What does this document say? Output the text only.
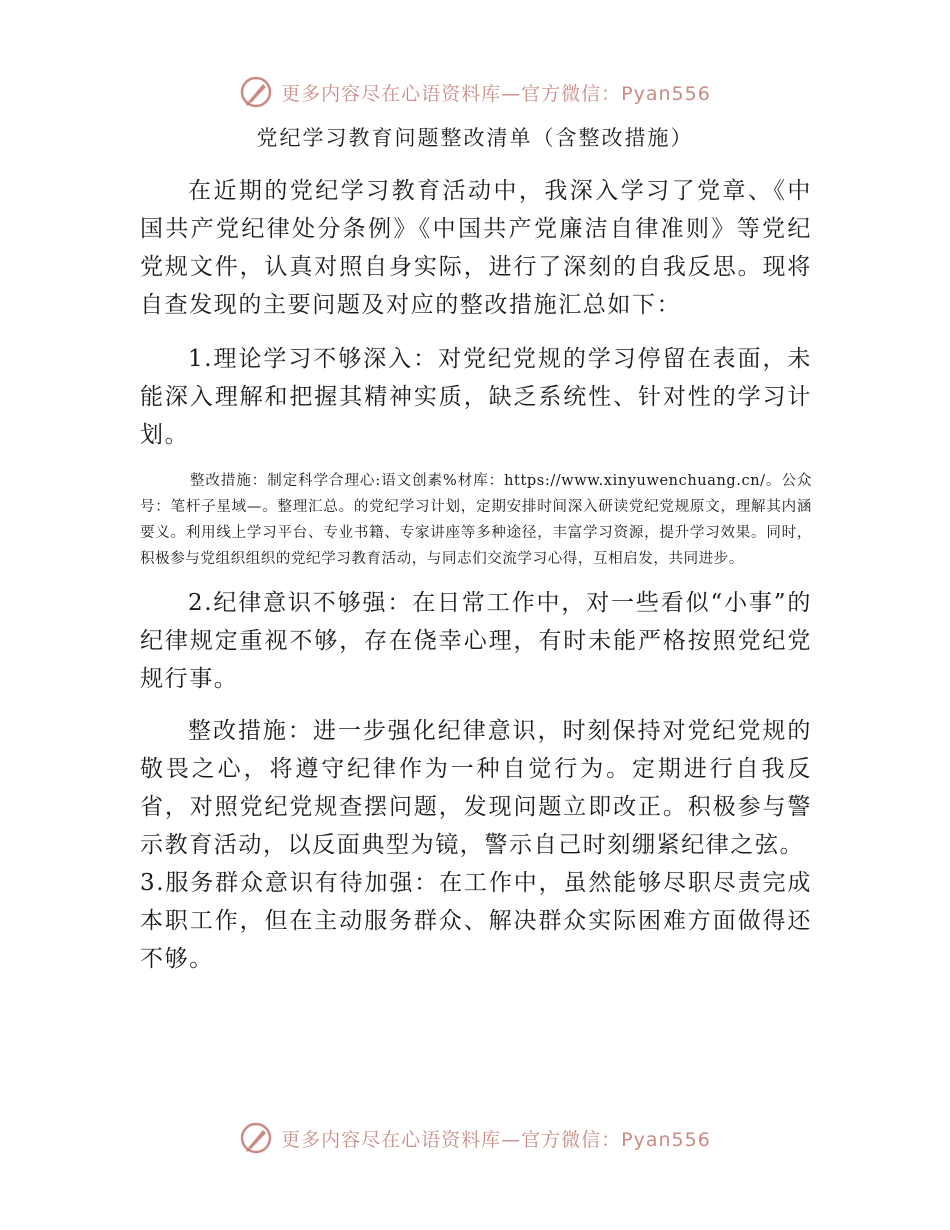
更多内容尽在心语资料库—官方微信：Pyan556
党纪学习教育问题整改清单（含整改措施）

在近期的党纪学习教育活动中，我深入学习了党章、《中国共产党纪律处分条例》《中国共产党廉洁自律准则》等党纪党规文件，认真对照自身实际，进行了深刻的自我反思。现将自查发现的主要问题及对应的整改措施汇总如下：

1.理论学习不够深入：对党纪党规的学习停留在表面，未能深入理解和把握其精神实质，缺乏系统性、针对性的学习计划。

整改措施：制定科学合理心:语文创素%材库：https://www.xinyuwenchuang.cn/。公众号：笔杆子星域—。整理汇总。的党纪学习计划，定期安排时间深入研读党纪党规原文，理解其内涵要义。利用线上学习平台、专业书籍、专家讲座等多种途径，丰富学习资源，提升学习效果。同时，积极参与党组织组织的党纪学习教育活动，与同志们交流学习心得，互相启发，共同进步。

2.纪律意识不够强：在日常工作中，对一些看似“小事”的纪律规定重视不够，存在侥幸心理，有时未能严格按照党纪党规行事。

整改措施：进一步强化纪律意识，时刻保持对党纪党规的敬畏之心，将遵守纪律作为一种自觉行为。定期进行自我反省，对照党纪党规查摆问题，发现问题立即改正。积极参与警示教育活动，以反面典型为镜，警示自己时刻绷紧纪律之弦。

3.服务群众意识有待加强：在工作中，虽然能够尽职尽责完成本职工作，但在主动服务群众、解决群众实际困难方面做得还不够。

更多内容尽在心语资料库—官方微信：Pyan556
